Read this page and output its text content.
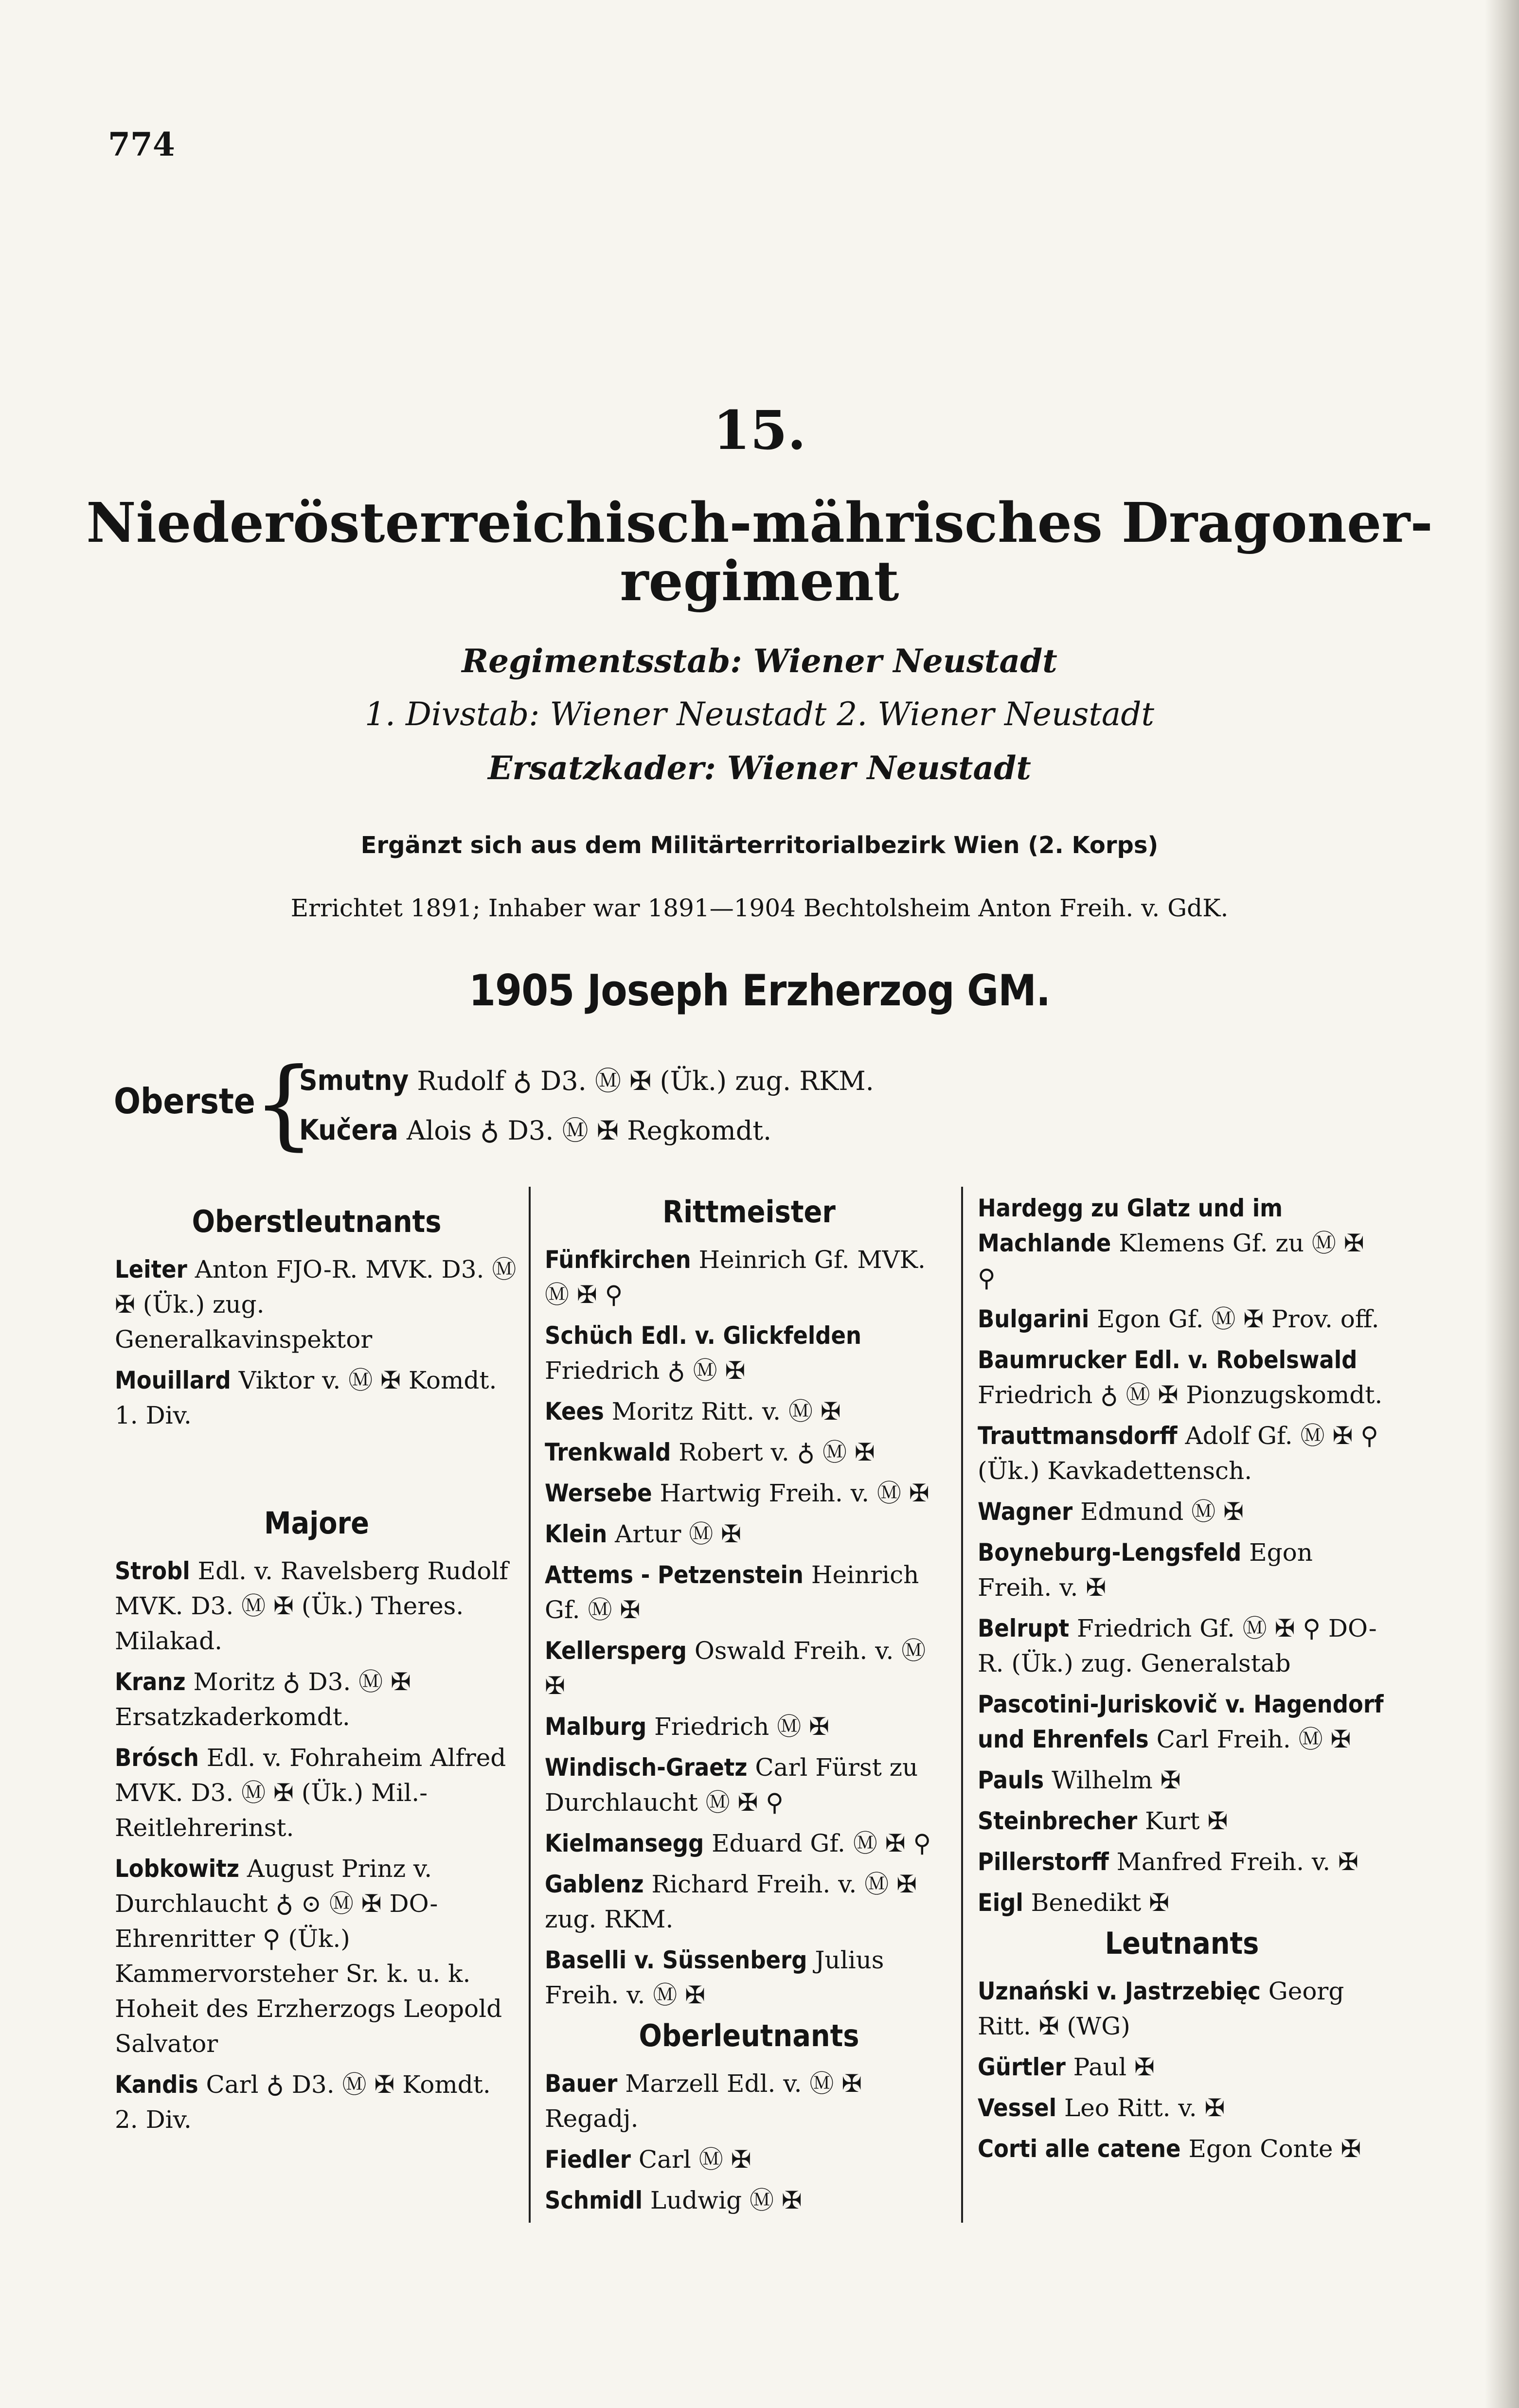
774
15.
Niederösterreichisch-mährisches Dragoner-
regiment
Regimentsstab: Wiener Neustadt
1. Divstab: Wiener Neustadt 2. Wiener Neustadt
Ersatzkader: Wiener Neustadt
Ergänzt sich aus dem Militärterritorialbezirk Wien (2. Korps)
Errichtet 1891; Inhaber war 1891—1904 Bechtolsheim Anton Freih. v. GdK.
1905 Joseph Erzherzog GM.
Oberste
{
Smutny Rudolf ♁ D3. Ⓜ ✠ (Ük.) zug. RKM.
Kučera Alois ♁ D3. Ⓜ ✠ Regkomdt.
Oberstleutnants

Leiter Anton FJO-R. MVK. D3. Ⓜ ✠ (Ük.) zug. Generalkavinspektor

Mouillard Viktor v. Ⓜ ✠ Komdt. 1. Div.

Majore

Strobl Edl. v. Ravelsberg Rudolf MVK. D3. Ⓜ ✠ (Ük.) Theres. Milakad.

Kranz Moritz ♁ D3. Ⓜ ✠ Ersatzkaderkomdt.

Brósch Edl. v. Fohraheim Alfred MVK. D3. Ⓜ ✠ (Ük.) Mil.-Reitlehrerinst.

Lobkowitz August Prinz v. Durchlaucht ♁ ⊙ Ⓜ ✠ DO-Ehrenritter ⚲ (Ük.) Kammervorsteher Sr. k. u. k. Hoheit des Erzherzogs Leopold Salvator

Kandis Carl ♁ D3. Ⓜ ✠ Komdt. 2. Div.

Rittmeister

Fünfkirchen Heinrich Gf. MVK. Ⓜ ✠ ⚲

Schüch Edl. v. Glickfelden Friedrich ♁ Ⓜ ✠

Kees Moritz Ritt. v. Ⓜ ✠

Trenkwald Robert v. ♁ Ⓜ ✠

Wersebe Hartwig Freih. v. Ⓜ ✠

Klein Artur Ⓜ ✠

Attems - Petzenstein Heinrich Gf. Ⓜ ✠

Kellersperg Oswald Freih. v. Ⓜ ✠

Malburg Friedrich Ⓜ ✠

Windisch-Graetz Carl Fürst zu Durchlaucht Ⓜ ✠ ⚲

Kielmansegg Eduard Gf. Ⓜ ✠ ⚲

Gablenz Richard Freih. v. Ⓜ ✠ zug. RKM.

Baselli v. Süssenberg Julius Freih. v. Ⓜ ✠

Oberleutnants

Bauer Marzell Edl. v. Ⓜ ✠ Regadj.

Fiedler Carl Ⓜ ✠

Schmidl Ludwig Ⓜ ✠

Hardegg zu Glatz und im Machlande Klemens Gf. zu Ⓜ ✠ ⚲

Bulgarini Egon Gf. Ⓜ ✠ Prov. off.

Baumrucker Edl. v. Robelswald Friedrich ♁ Ⓜ ✠ Pionzugskomdt.

Trauttmansdorff Adolf Gf. Ⓜ ✠ ⚲ (Ük.) Kavkadettensch.

Wagner Edmund Ⓜ ✠

Boyneburg-Lengsfeld Egon Freih. v. ✠

Belrupt Friedrich Gf. Ⓜ ✠ ⚲ DO-R. (Ük.) zug. Generalstab

Pascotini-Juriskovič v. Hagendorf und Ehrenfels Carl Freih. Ⓜ ✠

Pauls Wilhelm ✠

Steinbrecher Kurt ✠

Pillerstorff Manfred Freih. v. ✠

Eigl Benedikt ✠

Leutnants

Uznański v. Jastrzebięc Georg Ritt. ✠ (WG)

Gürtler Paul ✠

Vessel Leo Ritt. v. ✠

Corti alle catene Egon Conte ✠
